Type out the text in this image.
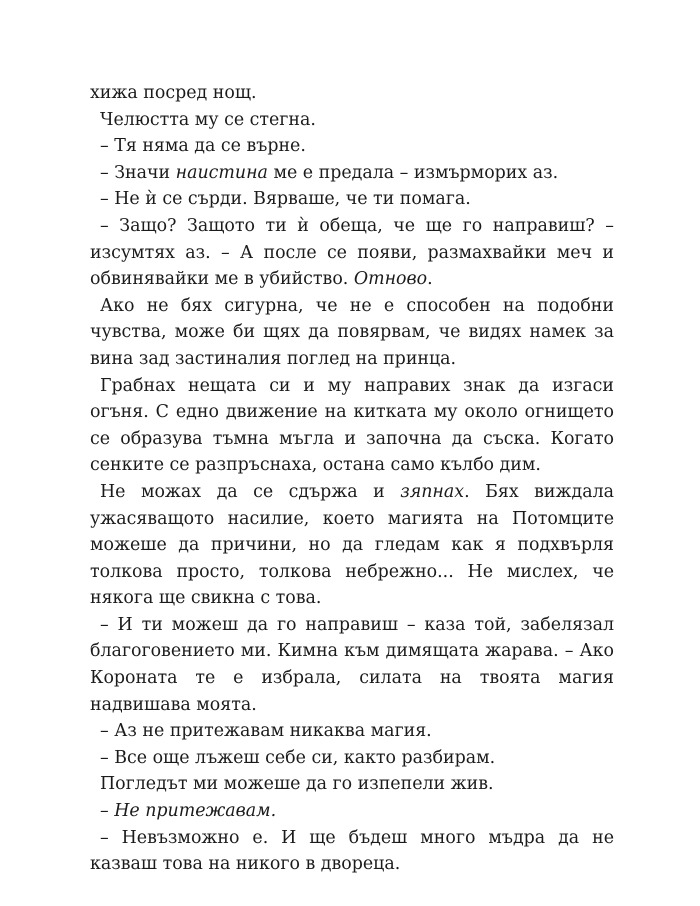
хижа посред нощ.

Челюстта му се стегна.

– Тя няма да се върне.

– Значи наистина ме е предала – измърморих аз.

– Не ѝ се сърди. Вярваше, че ти помага.

– Защо? Защото ти ѝ обеща, че ще го направиш? – изсумтях аз. – А после се появи, размахвайки меч и обвинявайки ме в убийство. Отново.

Ако не бях сигурна, че не е способен на подобни чувства, може би щях да повярвам, че видях намек за вина зад застиналия поглед на принца.

Грабнах нещата си и му направих знак да изгаси огъня. С едно движение на китката му около огнището се образува тъмна мъгла и започна да съска. Когато сенките се разпръснаха, остана само кълбо дим.

Не можах да се сдържа и зяпнах. Бях виждала ужасяващото насилие, което магията на Потомците можеше да причини, но да гледам как я подхвърля толкова просто, толкова небрежно... Не мислех, че някога ще свикна с това.

– И ти можеш да го направиш – каза той, забелязал благоговението ми. Кимна към димящата жарава. – Ако Короната те е избрала, силата на твоята магия надвишава моята.

– Аз не притежавам никаква магия.

– Все още лъжеш себе си, както разбирам.

Погледът ми можеше да го изпепели жив.

– Не притежавам.

– Невъзможно е. И ще бъдеш много мъдра да не казваш това на никого в двореца.
